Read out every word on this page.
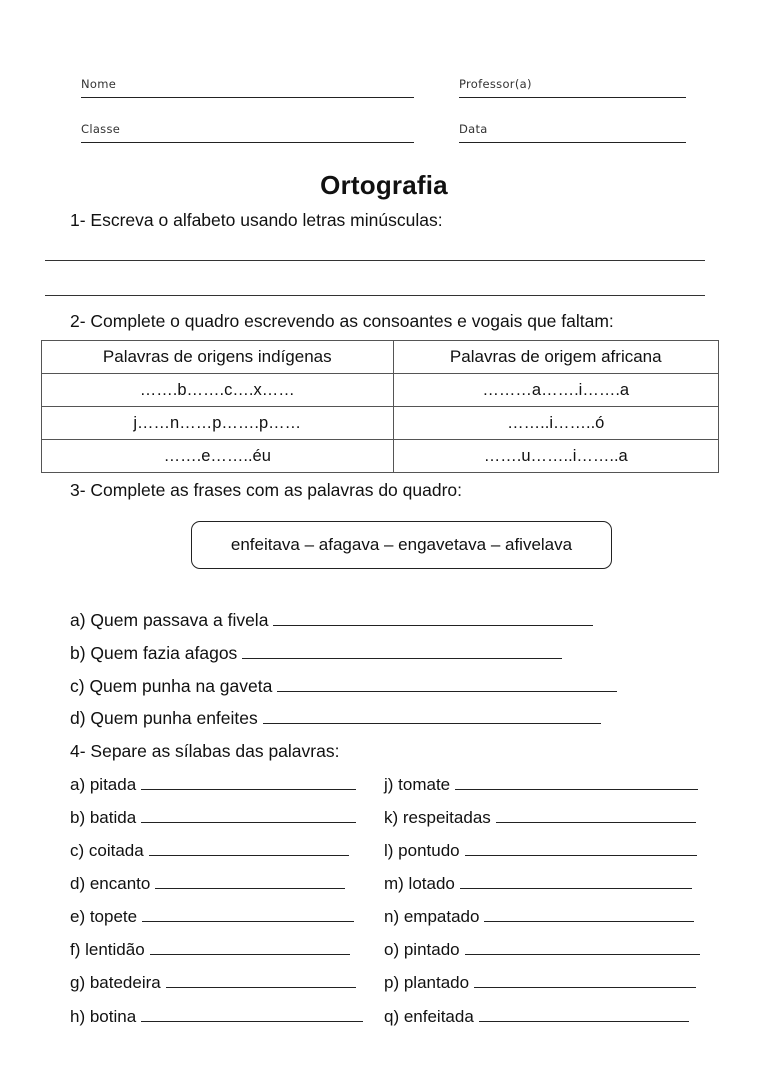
Nome	Professor(a)
Classe	Data
Ortografia
1- Escreva o alfabeto usando letras minúsculas:
2- Complete o quadro escrevendo as consoantes e vogais que faltam:
Palavras de origens indígenas	Palavras de origem africana
…….b…….c….x……	………a…….i…….a
j……n……p…….p……	……..i……..ó
…….e……..éu	…….u……..i……..a
3- Complete as frases com as palavras do quadro:
enfeitava – afagava – engavetava – afivelava
a) Quem passava a fivela
b) Quem fazia afagos
c) Quem punha na gaveta
d) Quem punha enfeites
4- Separe as sílabas das palavras:
a) pitada
b) batida
c) coitada
d) encanto
e) topete
f) lentidão
g) batedeira
h) botina
j) tomate
k) respeitadas
l) pontudo
m) lotado
n) empatado
o) pintado
p) plantado
q) enfeitada
